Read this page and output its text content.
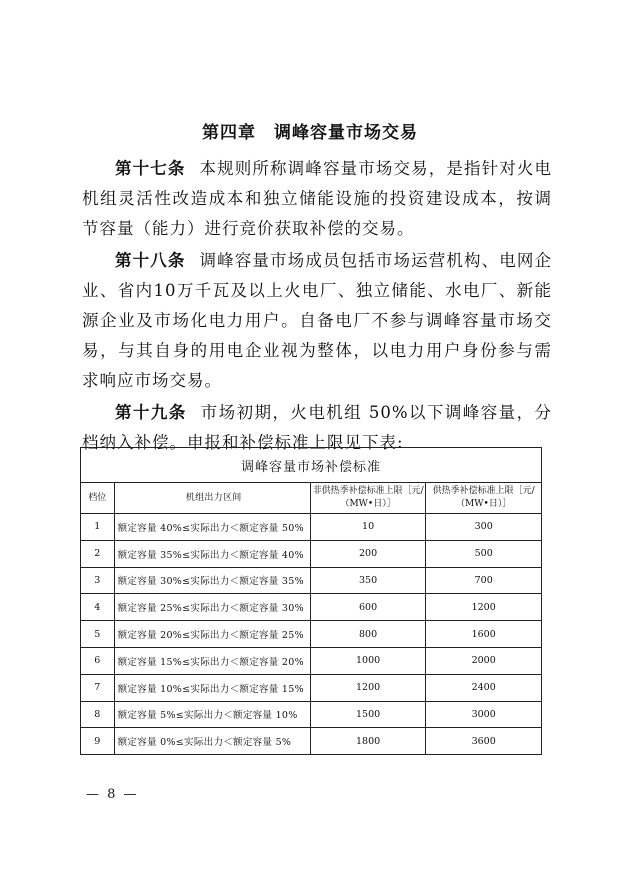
第四章　调峰容量市场交易

第十七条 本规则所称调峰容量市场交易，是指针对火电机组灵活性改造成本和独立储能设施的投资建设成本，按调节容量（能力）进行竞价获取补偿的交易。

第十八条 调峰容量市场成员包括市场运营机构、电网企业、省内10万千瓦及以上火电厂、独立储能、水电厂、新能源企业及市场化电力用户。自备电厂不参与调峰容量市场交易，与其自身的用电企业视为整体，以电力用户身份参与需求响应市场交易。

第十九条 市场初期，火电机组 50%以下调峰容量，分档纳入补偿。申报和补偿标准上限见下表:

调峰容量市场补偿标准			
档位	机组出力区间	非供热季补偿标准上限［元/（MW•日）］	供热季补偿标准上限［元/（MW•日）］
1	额定容量 40%≤实际出力＜额定容量 50%	10	300
2	额定容量 35%≤实际出力＜额定容量 40%	200	500
3	额定容量 30%≤实际出力＜额定容量 35%	350	700
4	额定容量 25%≤实际出力＜额定容量 30%	600	1200
5	额定容量 20%≤实际出力＜额定容量 25%	800	1600
6	额定容量 15%≤实际出力＜额定容量 20%	1000	2000
7	额定容量 10%≤实际出力＜额定容量 15%	1200	2400
8	额定容量 5%≤实际出力＜额定容量 10%	1500	3000
9	额定容量 0%≤实际出力＜额定容量 5%	1800	3600
— 8 —
